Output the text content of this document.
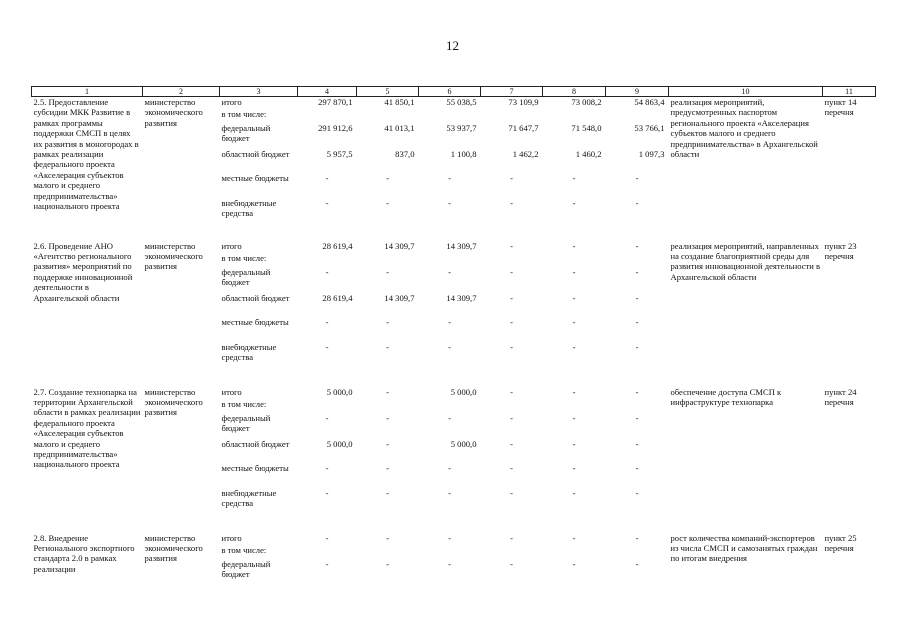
12
1	2	3	4	5	6	7	8	9	10	11
2.5. Предоставление субсидии МКК Развитие в рамках программы поддержки СМСП в целях их развития в моногородах в рамках реализации федерального проекта «Акселерация субъектов малого и среднего предпринимательства» национального проекта	министерство экономического развития	итого	297 870,1	41 850,1	55 038,5	73 109,9	73 008,2	54 863,4	реализация мероприятий, предусмотренных паспортом регионального проекта «Акселерация субъектов малого и среднего предпринимательства» в Архангельской области	пункт 14 перечня
		в том числе:								
		федеральный бюджет	291 912,6	41 013,1	53 937,7	71 647,7	71 548,0	53 766,1		
		областной бюджет	5 957,5	837,0	1 100,8	1 462,2	1 460,2	1 097,3		
		местные бюджеты	-	-	-	-	-	-		
		внебюджетные средства	-	-	-	-	-	-		

2.6. Проведение АНО «Агентство регионального развития» мероприятий по поддержке инновационной деятельности в Архангельской области	министерство экономического развития	итого	28 619,4	14 309,7	14 309,7	-	-	-	реализация мероприятий, направленных на создание благоприятной среды для развития инновационной деятельности в Архангельской области	пункт 23 перечня
		в том числе:								
		федеральный бюджет	-	-	-	-	-	-		
		областной бюджет	28 619,4	14 309,7	14 309,7	-	-	-		
		местные бюджеты	-	-	-	-	-	-		
		внебюджетные средства	-	-	-	-	-	-		

2.7. Создание технопарка на территории Архангельской области в рамках реализации федерального проекта «Акселерация субъектов малого и среднего предпринимательства» национального проекта	министерство экономического развития	итого	5 000,0	-	5 000,0	-	-	-	обеспечение доступа СМСП к инфраструктуре технопарка	пункт 24 перечня
		в том числе:								
		федеральный бюджет	-	-	-	-	-	-		
		областной бюджет	5 000,0	-	5 000,0	-	-	-		
		местные бюджеты	-	-	-	-	-	-		
		внебюджетные средства	-	-	-	-	-	-		

2.8. Внедрение Регионального экспортного стандарта 2.0 в рамках реализации	министерство экономического развития	итого	-	-	-	-	-	-	рост количества компаний-экспортеров из числа СМСП и самозанятых граждан по итогам внедрения	пункт 25 перечня
		в том числе:								
		федеральный бюджет	-	-	-	-	-	-		
